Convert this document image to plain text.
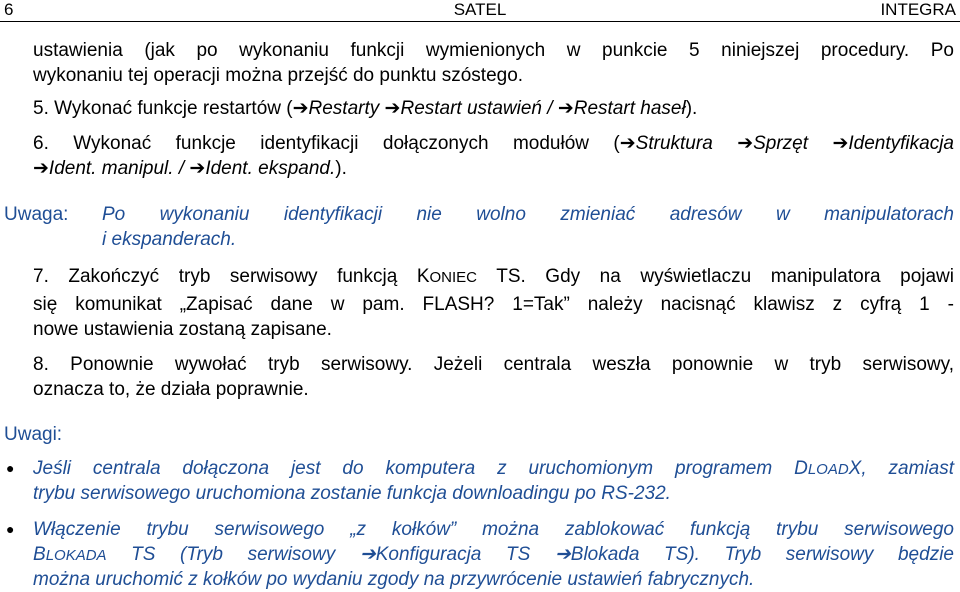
6	SATEL	INTEGRA
ustawienia (jak po wykonaniu funkcji wymienionych w punkcie 5 niniejszej procedury. Po
wykonaniu tej operacji można przejść do punktu szóstego.
5. Wykonać funkcje restartów (➔Restarty ➔Restart ustawień / ➔Restart haseł).
6. Wykonać funkcje identyfikacji dołączonych modułów (➔Struktura ➔Sprzęt ➔Identyfikacja
➔Ident. manipul. / ➔Ident. ekspand.).
Uwaga:	Po wykonaniu identyfikacji nie wolno zmieniać adresów w manipulatorach
i ekspanderach.
7. Zakończyć tryb serwisowy funkcją KONIEC TS. Gdy na wyświetlaczu manipulatora pojawi
się komunikat „Zapisać dane w pam. FLASH? 1=Tak” należy nacisnąć klawisz z cyfrą 1 -
nowe ustawienia zostaną zapisane.
8. Ponownie wywołać tryb serwisowy. Jeżeli centrala weszła ponownie w tryb serwisowy,
oznacza to, że działa poprawnie.
Uwagi:
● Jeśli centrala dołączona jest do komputera z uruchomionym programem DLOADX, zamiast
trybu serwisowego uruchomiona zostanie funkcja downloadingu po RS-232.
● Włączenie trybu serwisowego „z kołków” można zablokować funkcją trybu serwisowego
BLOKADA TS (Tryb serwisowy ➔Konfiguracja TS ➔Blokada TS). Tryb serwisowy będzie
można uruchomić z kołków po wydaniu zgody na przywrócenie ustawień fabrycznych.
